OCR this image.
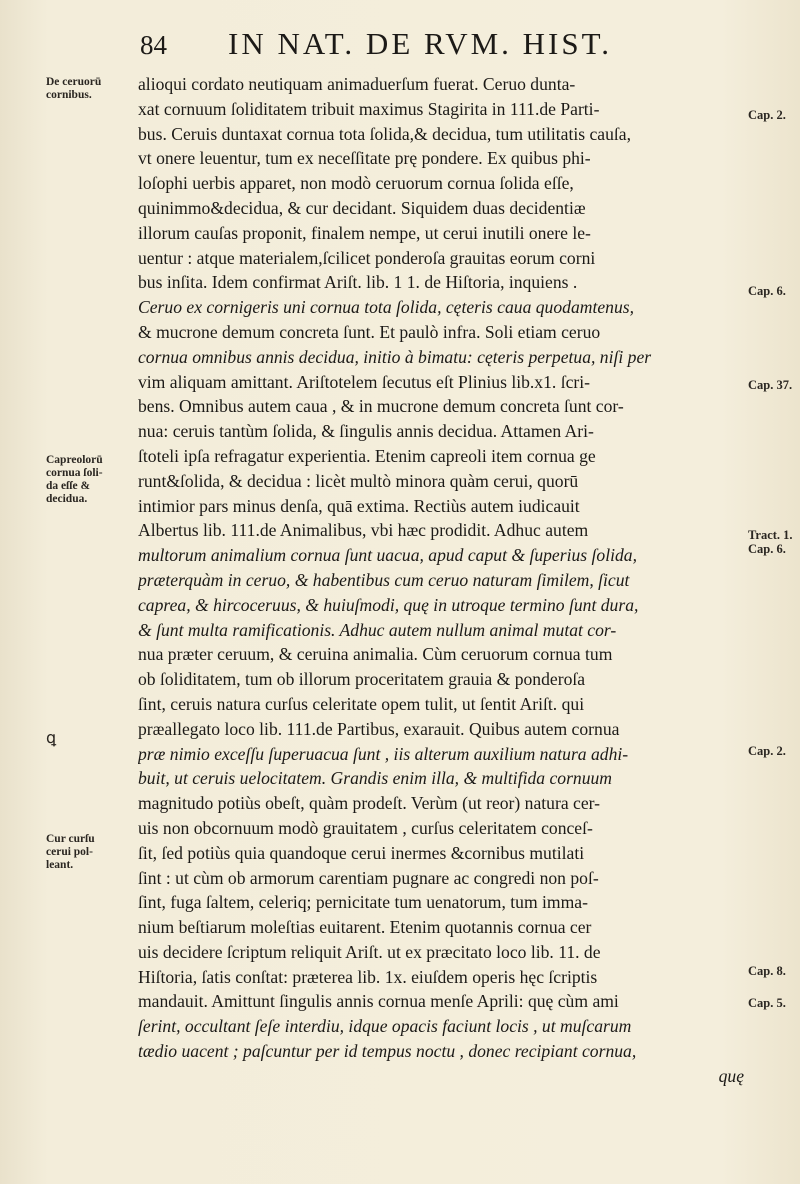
84 IN NAT. DE RVM. HIST.
De ceruorū
cornibus.
Capreolorū
cornua ſoli-
da eſſe &
decidua.
ꝗ
Cur curſu
cerui pol-
leant.
Cap. 2.
Cap. 6.
Cap. 37.
Tract. 1.
Cap. 6.
Cap. 2.
Cap. 8.
Cap. 5.
alioqui cordato neutiquam animaduerſum fuerat. Ceruo dunta-
xat cornuum ſoliditatem tribuit maximus Stagirita in 111.de Parti-
bus. Ceruis duntaxat cornua tota ſolida,& decidua, tum utilitatis cauſa,
vt onere leuentur, tum ex neceſſitate prę pondere. Ex quibus phi-
loſophi uerbis apparet, non modò ceruorum cornua ſolida eſſe,
quinimmo&decidua, & cur decidant. Siquidem duas decidentiæ
illorum cauſas proponit, finalem nempe, ut cerui inutili onere le-
uentur : atque materialem,ſcilicet ponderoſa grauitas eorum corni
bus inſita. Idem confirmat Ariſt. lib. 1 1. de Hiſtoria, inquiens .
Ceruo ex cornigeris uni cornua tota ſolida, cęteris caua quodamtenus,
& mucrone demum concreta ſunt. Et paulò infra. Soli etiam ceruo
cornua omnibus annis decidua, initio à bimatu: cęteris perpetua, niſi per
vim aliquam amittant. Ariſtotelem ſecutus eſt Plinius lib.x1. ſcri-
bens. Omnibus autem caua , & in mucrone demum concreta ſunt cor-
nua: ceruis tantùm ſolida, & ſingulis annis decidua. Attamen Ari-
ſtoteli ipſa refragatur experientia. Etenim capreoli item cornua ge
runt&ſolida, & decidua : licèt multò minora quàm cerui, quorū
intimior pars minus denſa, quā extima. Rectiùs autem iudicauit
Albertus lib. 111.de Animalibus, vbi hæc prodidit. Adhuc autem
multorum animalium cornua ſunt uacua, apud caput & ſuperius ſolida,
præterquàm in ceruo, & habentibus cum ceruo naturam ſimilem, ſicut
caprea, & hircoceruus, & huiuſmodi, quę in utroque termino ſunt dura,
& ſunt multa ramificationis. Adhuc autem nullum animal mutat cor-
nua præter ceruum, & ceruina animalia. Cùm ceruorum cornua tum
ob ſoliditatem, tum ob illorum proceritatem grauia & ponderoſa
ſint, ceruis natura curſus celeritate opem tulit, ut ſentit Ariſt. qui
præallegato loco lib. 111.de Partibus, exarauit. Quibus autem cornua
præ nimio exceſſu ſuperuacua ſunt , iis alterum auxilium natura adhi-
buit, ut ceruis uelocitatem. Grandis enim illa, & multifida cornuum
magnitudo potiùs obeſt, quàm prodeſt. Verùm (ut reor) natura cer-
uis non obcornuum modò grauitatem , curſus celeritatem conceſ-
ſit, ſed potiùs quia quandoque cerui inermes &cornibus mutilati
ſint : ut cùm ob armorum carentiam pugnare ac congredi non poſ-
ſint, fuga ſaltem, celeriq; pernicitate tum uenatorum, tum imma-
nium beſtiarum moleſtias euitarent. Etenim quotannis cornua cer
uis decidere ſcriptum reliquit Ariſt. ut ex præcitato loco lib. 11. de
Hiſtoria, ſatis conſtat: præterea lib. 1x. eiuſdem operis hęc ſcriptis
mandauit. Amittunt ſingulis annis cornua menſe Aprili: quę cùm ami
ſerint, occultant ſeſe interdiu, idque opacis faciunt locis , ut muſcarum
tædio uacent ; paſcuntur per id tempus noctu , donec recipiant cornua,
quę
